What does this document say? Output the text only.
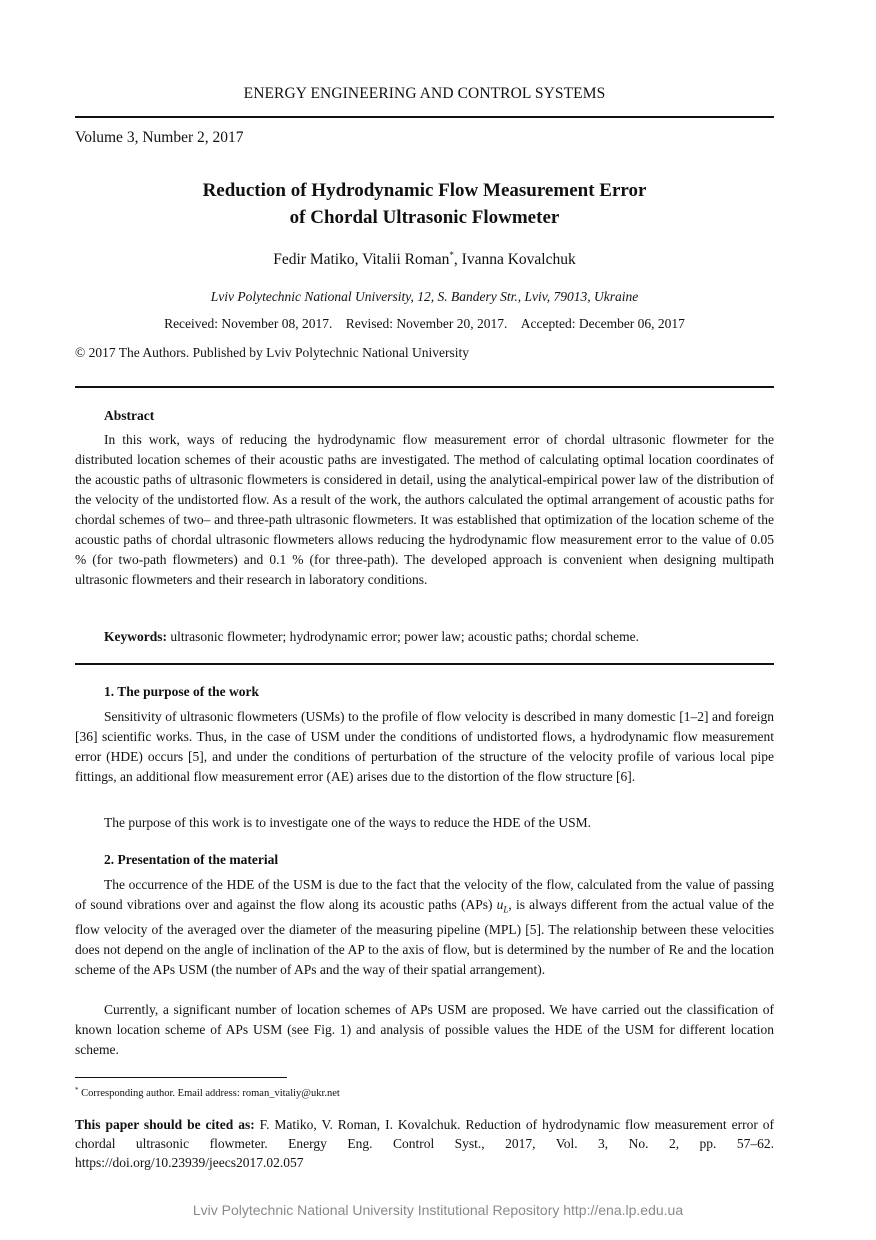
ENERGY ENGINEERING AND CONTROL SYSTEMS
Volume 3, Number 2, 2017
Reduction of Hydrodynamic Flow Measurement Error
of Chordal Ultrasonic Flowmeter
Fedir Matiko, Vitalii Roman*, Ivanna Kovalchuk
Lviv Polytechnic National University, 12, S. Bandery Str., Lviv, 79013, Ukraine
Received: November 08, 2017. Revised: November 20, 2017. Accepted: December 06, 2017
© 2017 The Authors. Published by Lviv Polytechnic National University
Abstract
In this work, ways of reducing the hydrodynamic flow measurement error of chordal ultrasonic flowmeter for the distributed location schemes of their acoustic paths are investigated. The method of calculating optimal location coordinates of the acoustic paths of ultrasonic flowmeters is considered in detail, using the analytical-empirical power law of the distribution of the velocity of the undistorted flow. As a result of the work, the authors calculated the optimal arrangement of acoustic paths for chordal schemes of two– and three-path ultrasonic flowmeters. It was established that optimization of the location scheme of the acoustic paths of chordal ultrasonic flowmeters allows reducing the hydrodynamic flow measurement error to the value of 0.05 % (for two-path flowmeters) and 0.1 % (for three-path). The developed approach is convenient when designing multipath ultrasonic flowmeters and their research in laboratory conditions.
Keywords: ultrasonic flowmeter; hydrodynamic error; power law; acoustic paths; chordal scheme.
1. The purpose of the work
Sensitivity of ultrasonic flowmeters (USMs) to the profile of flow velocity is described in many domestic [1–2] and foreign [36] scientific works. Thus, in the case of USM under the conditions of undistorted flows, a hydrodynamic flow measurement error (HDE) occurs [5], and under the conditions of perturbation of the structure of the velocity profile of various local pipe fittings, an additional flow measurement error (AE) arises due to the distortion of the flow structure [6].
The purpose of this work is to investigate one of the ways to reduce the HDE of the USM.
2. Presentation of the material
The occurrence of the HDE of the USM is due to the fact that the velocity of the flow, calculated from the value of passing of sound vibrations over and against the flow along its acoustic paths (APs) $u_L$, is always different from the actual value of the flow velocity of the averaged over the diameter of the measuring pipeline (MPL) [5]. The relationship between these velocities does not depend on the angle of inclination of the AP to the axis of flow, but is determined by the number of Re and the location scheme of the APs USM (the number of APs and the way of their spatial arrangement).
Currently, a significant number of location schemes of APs USM are proposed. We have carried out the classification of known location scheme of APs USM (see Fig. 1) and analysis of possible values the HDE of the USM for different location scheme.
* Corresponding author. Email address: roman_vitaliy@ukr.net
This paper should be cited as: F. Matiko, V. Roman, I. Kovalchuk. Reduction of hydrodynamic flow measurement error of chordal ultrasonic flowmeter. Energy Eng. Control Syst., 2017, Vol. 3, No. 2, pp. 57–62. https://doi.org/10.23939/jeecs2017.02.057
Lviv Polytechnic National University Institutional Repository http://ena.lp.edu.ua
